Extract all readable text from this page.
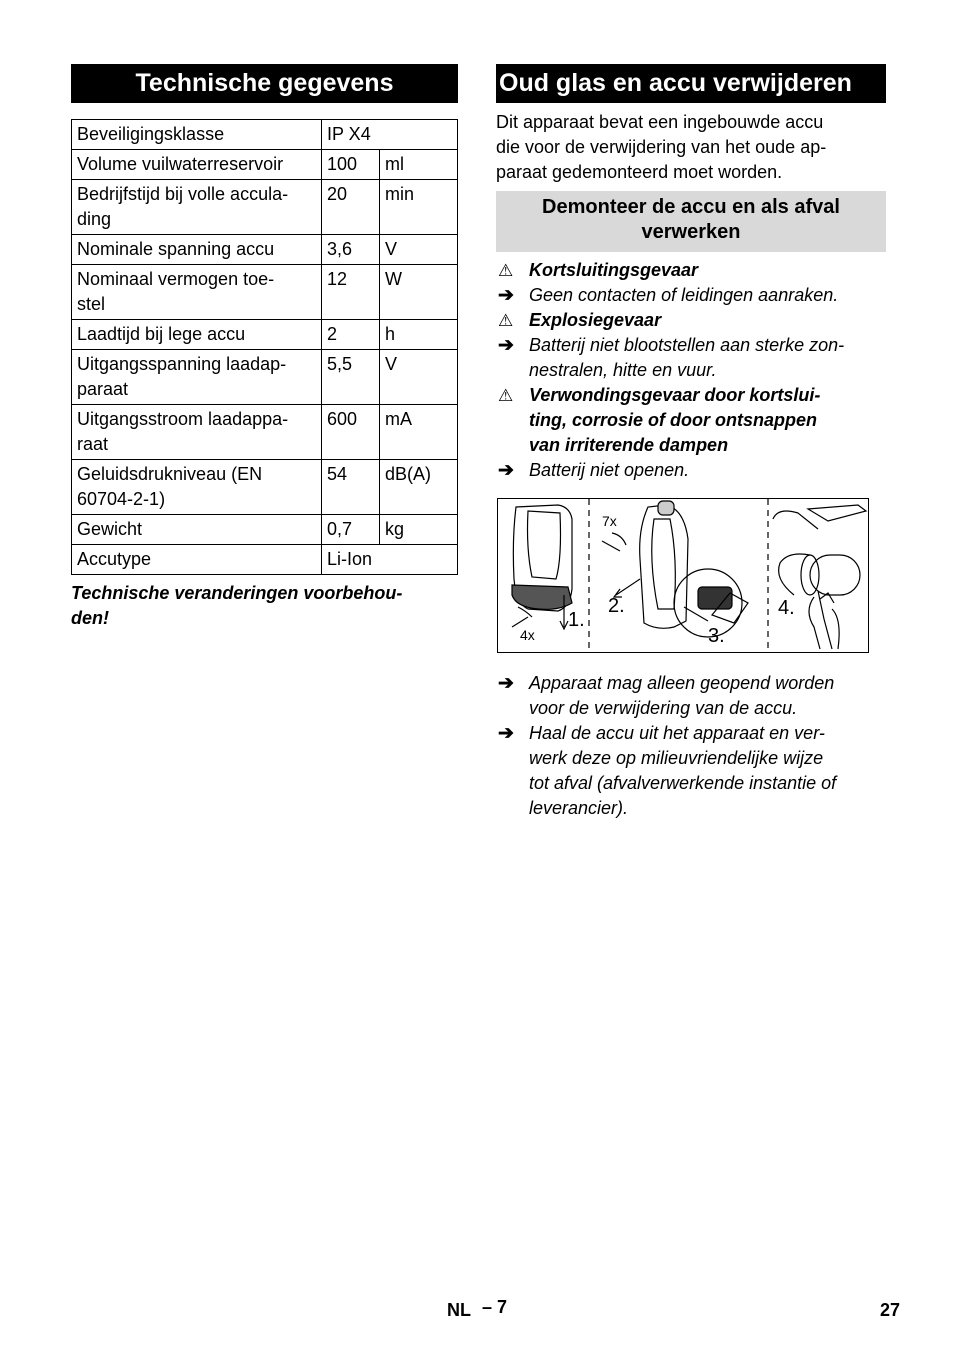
Technische gegevens
Beveiligingsklasse	IP X4	
Volume vuilwaterreservoir	100	ml
Bedrijfstijd bij volle accula-
ding	20	min
Nominale spanning accu	3,6	V
Nominaal vermogen toe-
stel	12	W
Laadtijd bij lege accu	2	h
Uitgangsspanning laadap-
paraat	5,5	V
Uitgangsstroom laadappa-
raat	600	mA
Geluidsdrukniveau (EN
60704-2-1)	54	dB(A)
Gewicht	0,7	kg
Accutype	Li-Ion	
Technische veranderingen voorbehou-
den!
Oud glas en accu verwijderen
Dit apparaat bevat een ingebouwde accu
die voor de verwijdering van het oude ap-
paraat gedemonteerd moet worden.
Demonteer de accu en als afval
verwerken
⚠ Kortsluitingsgevaar
➔ Geen contacten of leidingen aanraken.
⚠ Explosiegevaar
➔ Batterij niet blootstellen aan sterke zon-
nestralen, hitte en vuur.
⚠ Verwondingsgevaar door kortslui-
ting, corrosie of door ontsnappen
van irriterende dampen
➔ Batterij niet openen.
7x
4x
1.
2.
3.
4.
➔ Apparaat mag alleen geopend worden
voor de verwijdering van de accu.
➔ Haal de accu uit het apparaat en ver-
werk deze op milieuvriendelijke wijze
tot afval (afvalverwerkende instantie of
leverancier).
NL – 7	27
